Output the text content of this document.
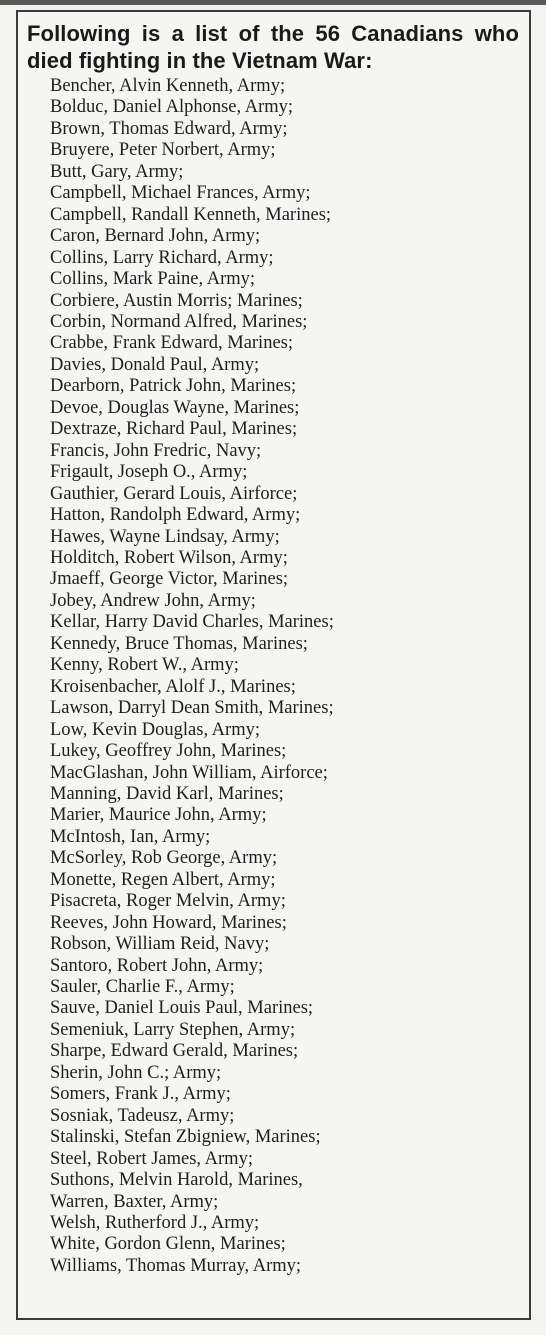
Following is a list of the 56 Canadians who died fighting in the Vietnam War:

Bencher, Alvin Kenneth, Army;
Bolduc, Daniel Alphonse, Army;
Brown, Thomas Edward, Army;
Bruyere, Peter Norbert, Army;
Butt, Gary, Army;
Campbell, Michael Frances, Army;
Campbell, Randall Kenneth, Marines;
Caron, Bernard John, Army;
Collins, Larry Richard, Army;
Collins, Mark Paine, Army;
Corbiere, Austin Morris; Marines;
Corbin, Normand Alfred, Marines;
Crabbe, Frank Edward, Marines;
Davies, Donald Paul, Army;
Dearborn, Patrick John, Marines;
Devoe, Douglas Wayne, Marines;
Dextraze, Richard Paul, Marines;
Francis, John Fredric, Navy;
Frigault, Joseph O., Army;
Gauthier, Gerard Louis, Airforce;
Hatton, Randolph Edward, Army;
Hawes, Wayne Lindsay, Army;
Holditch, Robert Wilson, Army;
Jmaeff, George Victor, Marines;
Jobey, Andrew John, Army;
Kellar, Harry David Charles, Marines;
Kennedy, Bruce Thomas, Marines;
Kenny, Robert W., Army;
Kroisenbacher, Alolf J., Marines;
Lawson, Darryl Dean Smith, Marines;
Low, Kevin Douglas, Army;
Lukey, Geoffrey John, Marines;
MacGlashan, John William, Airforce;
Manning, David Karl, Marines;
Marier, Maurice John, Army;
McIntosh, Ian, Army;
McSorley, Rob George, Army;
Monette, Regen Albert, Army;
Pisacreta, Roger Melvin, Army;
Reeves, John Howard, Marines;
Robson, William Reid, Navy;
Santoro, Robert John, Army;
Sauler, Charlie F., Army;
Sauve, Daniel Louis Paul, Marines;
Semeniuk, Larry Stephen, Army;
Sharpe, Edward Gerald, Marines;
Sherin, John C.; Army;
Somers, Frank J., Army;
Sosniak, Tadeusz, Army;
Stalinski, Stefan Zbigniew, Marines;
Steel, Robert James, Army;
Suthons, Melvin Harold, Marines,
Warren, Baxter, Army;
Welsh, Rutherford J., Army;
White, Gordon Glenn, Marines;
Williams, Thomas Murray, Army;
